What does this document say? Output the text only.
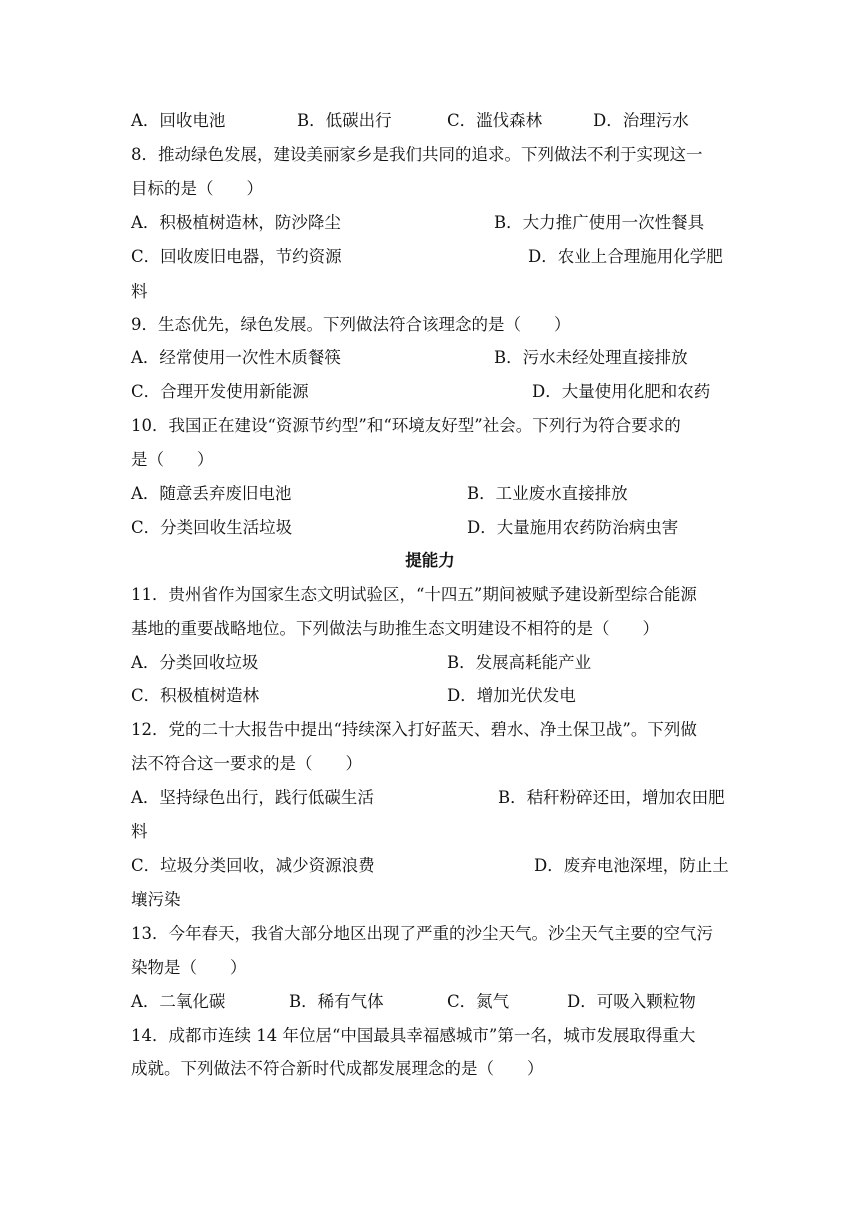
A．回收电池	B．低碳出行	C．滥伐森林	D．治理污水
8．推动绿色发展，建设美丽家乡是我们共同的追求。下列做法不利于实现这一
目标的是（　　）
A．积极植树造林，防沙降尘	B．大力推广使用一次性餐具
C．回收废旧电器，节约资源	D．农业上合理施用化学肥
料
9．生态优先，绿色发展。下列做法符合该理念的是（　　）
A．经常使用一次性木质餐筷	B．污水未经处理直接排放
C．合理开发使用新能源	D．大量使用化肥和农药
10．我国正在建设“资源节约型”和“环境友好型”社会。下列行为符合要求的
是（　　）
A．随意丢弃废旧电池	B．工业废水直接排放
C．分类回收生活垃圾	D．大量施用农药防治病虫害
提能力
11．贵州省作为国家生态文明试验区，“十四五”期间被赋予建设新型综合能源
基地的重要战略地位。下列做法与助推生态文明建设不相符的是（　　）
A．分类回收垃圾	B．发展高耗能产业
C．积极植树造林	D．增加光伏发电
12．党的二十大报告中提出“持续深入打好蓝天、碧水、净土保卫战”。下列做
法不符合这一要求的是（　　）
A．坚持绿色出行，践行低碳生活	B．秸秆粉碎还田，增加农田肥
料
C．垃圾分类回收，减少资源浪费	D．废弃电池深埋，防止土
壤污染
13．今年春天，我省大部分地区出现了严重的沙尘天气。沙尘天气主要的空气污
染物是（　　）
A．二氧化碳	B．稀有气体	C．氮气	D．可吸入颗粒物
14．成都市连续 14 年位居“中国最具幸福感城市”第一名，城市发展取得重大
成就。下列做法不符合新时代成都发展理念的是（　　）
